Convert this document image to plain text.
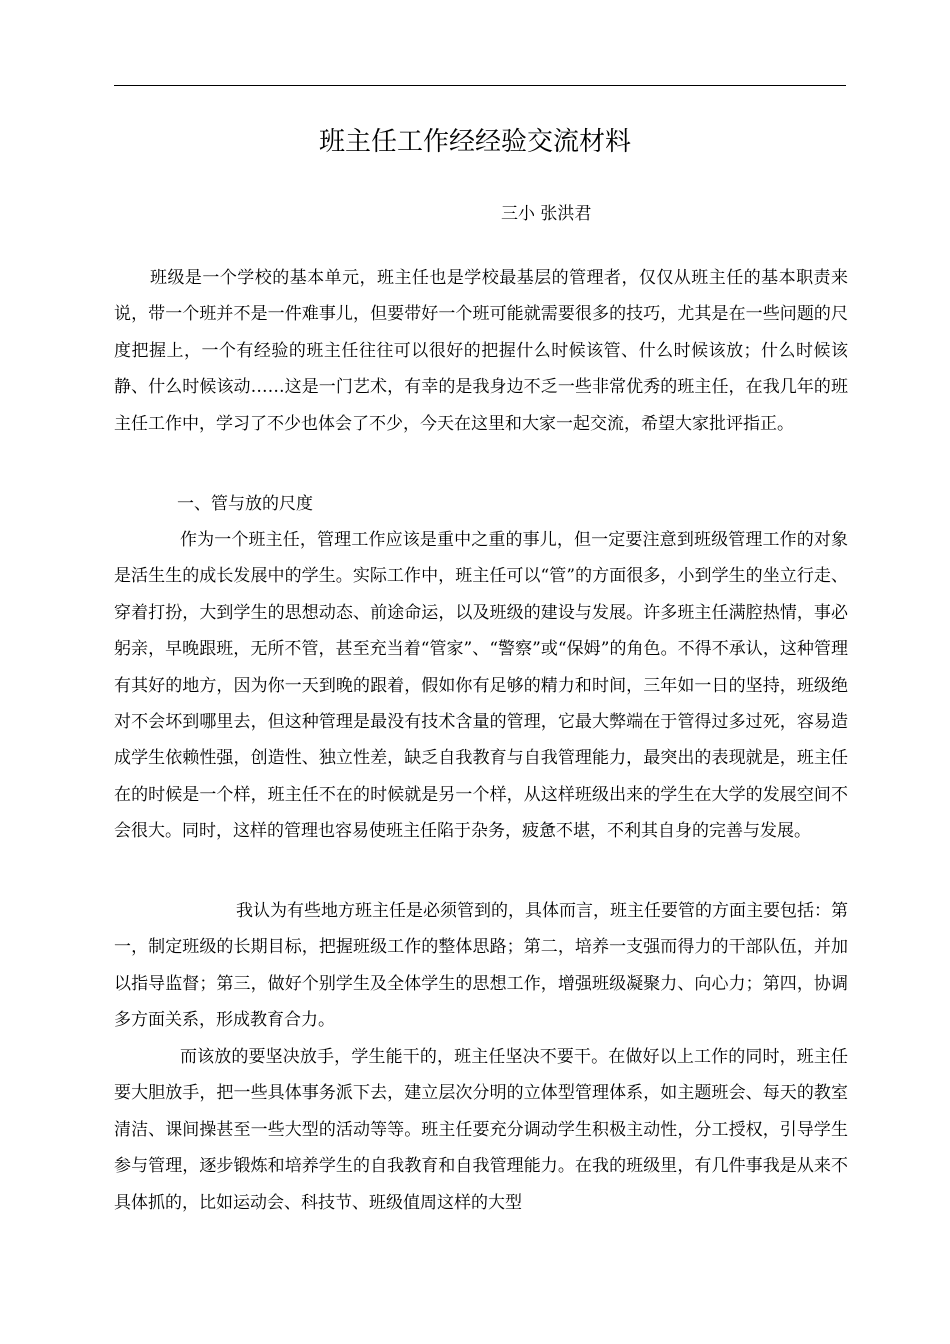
班主任工作经经验交流材料
三小 张洪君

班级是一个学校的基本单元，班主任也是学校最基层的管理者，仅仅从班主任的基本职责来说，带一个班并不是一件难事儿，但要带好一个班可能就需要很多的技巧，尤其是在一些问题的尺度把握上，一个有经验的班主任往往可以很好的把握什么时候该管、什么时候该放；什么时候该静、什么时候该动……这是一门艺术，有幸的是我身边不乏一些非常优秀的班主任，在我几年的班主任工作中，学习了不少也体会了不少，今天在这里和大家一起交流，希望大家批评指正。

一、管与放的尺度

作为一个班主任，管理工作应该是重中之重的事儿，但一定要注意到班级管理工作的对象是活生生的成长发展中的学生。实际工作中，班主任可以“管”的方面很多，小到学生的坐立行走、穿着打扮，大到学生的思想动态、前途命运，以及班级的建设与发展。许多班主任满腔热情，事必躬亲，早晚跟班，无所不管，甚至充当着“管家”、“警察”或“保姆”的角色。不得不承认，这种管理有其好的地方，因为你一天到晚的跟着，假如你有足够的精力和时间，三年如一日的坚持，班级绝对不会坏到哪里去，但这种管理是最没有技术含量的管理，它最大弊端在于管得过多过死，容易造成学生依赖性强，创造性、独立性差，缺乏自我教育与自我管理能力，最突出的表现就是，班主任在的时候是一个样，班主任不在的时候就是另一个样，从这样班级出来的学生在大学的发展空间不会很大。同时，这样的管理也容易使班主任陷于杂务，疲惫不堪，不利其自身的完善与发展。

我认为有些地方班主任是必须管到的，具体而言，班主任要管的方面主要包括：第一，制定班级的长期目标，把握班级工作的整体思路；第二，培养一支强而得力的干部队伍，并加以指导监督；第三，做好个别学生及全体学生的思想工作，增强班级凝聚力、向心力；第四，协调多方面关系，形成教育合力。

而该放的要坚决放手，学生能干的，班主任坚决不要干。在做好以上工作的同时，班主任要大胆放手，把一些具体事务派下去，建立层次分明的立体型管理体系，如主题班会、每天的教室清洁、课间操甚至一些大型的活动等等。班主任要充分调动学生积极主动性，分工授权，引导学生参与管理，逐步锻炼和培养学生的自我教育和自我管理能力。在我的班级里，有几件事我是从来不具体抓的，比如运动会、科技节、班级值周这样的大型
